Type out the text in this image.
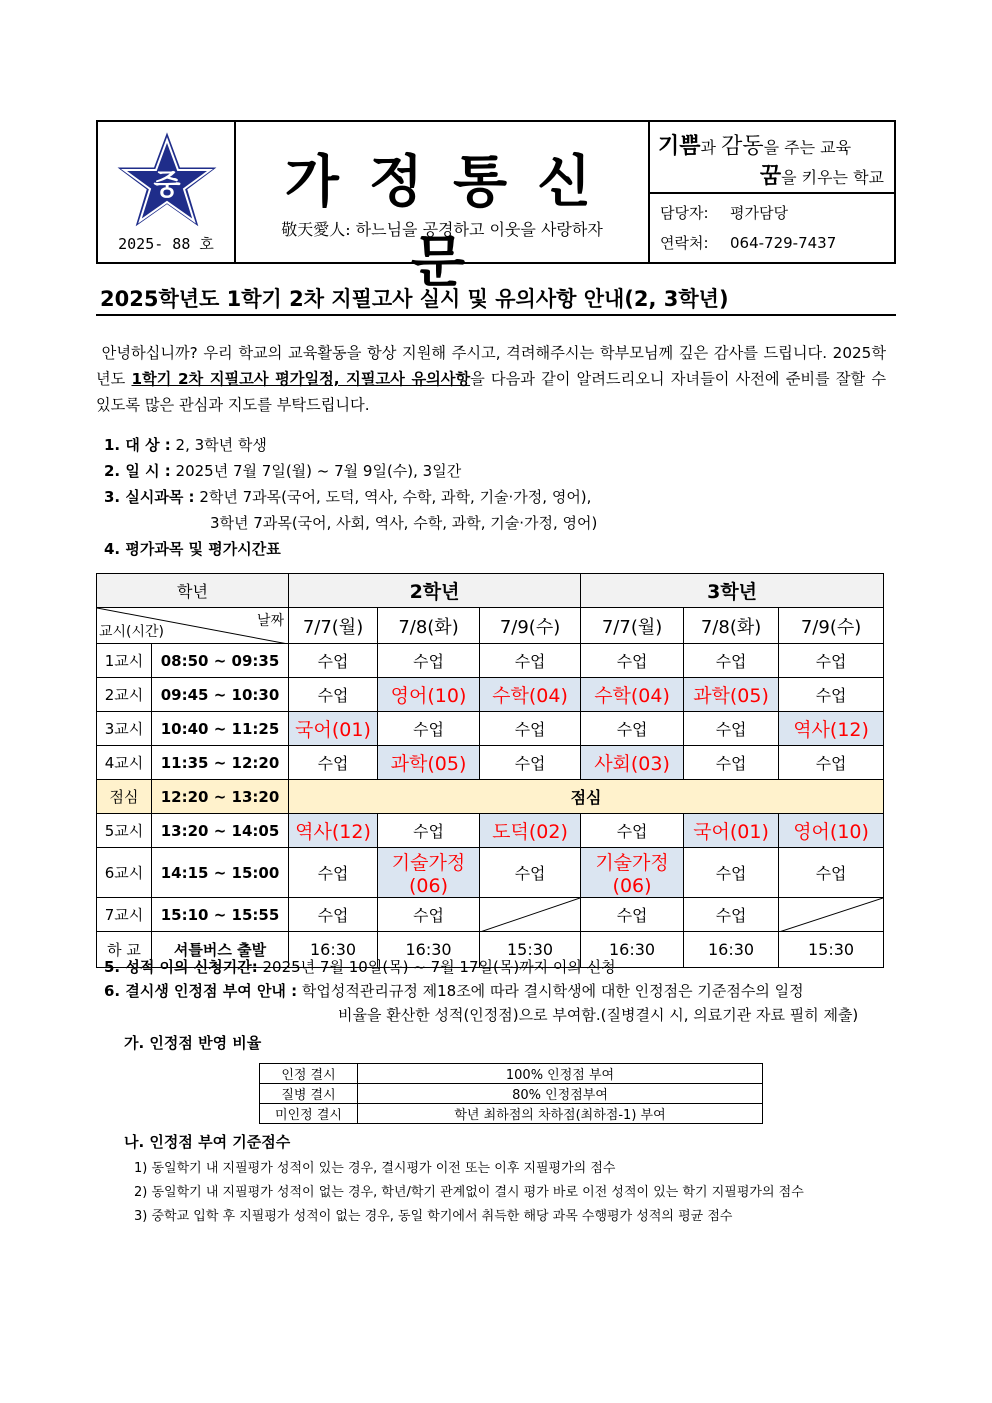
중
2025- 88 호
가정통신문
敬天愛人: 하느님을 공경하고 이웃을 사랑하자
기쁨과 감동을 주는 교육
꿈을 키우는 학교
담당자:	평가담당
연락처:	064-729-7437
2025학년도 1학기 2차 지필고사 실시 및 유의사항 안내(2, 3학년)
안녕하십니까? 우리 학교의 교육활동을 항상 지원해 주시고, 격려해주시는 학부모님께 깊은 감사를 드립니다. 2025학년도 1학기 2차 지필고사 평가일정, 지필고사 유의사항을 다음과 같이 알려드리오니 자녀들이 사전에 준비를 잘할 수 있도록 많은 관심과 지도를 부탁드립니다.
1. 대 상 : 2, 3학년 학생
2. 일 시 : 2025년 7월 7일(월) ~ 7월 9일(수), 3일간
3. 실시과목 : 2학년 7과목(국어, 도덕, 역사, 수학, 과학, 기술·가정, 영어),
3학년 7과목(국어, 사회, 역사, 수학, 과학, 기술·가정, 영어)
4. 평가과목 및 평가시간표
학년		2학년			3학년		

날짜
교시(시간)		7/7(월)	7/8(화)	7/9(수)	7/7(월)	7/8(화)	7/9(수)
1교시	08:50 ~ 09:35	수업	수업	수업	수업	수업	수업
2교시	09:45 ~ 10:30	수업	영어(10)	수학(04)	수학(04)	과학(05)	수업
3교시	10:40 ~ 11:25	국어(01)	수업	수업	수업	수업	역사(12)
4교시	11:35 ~ 12:20	수업	과학(05)	수업	사회(03)	수업	수업
점심	12:20 ~ 13:20	점심					
5교시	13:20 ~ 14:05	역사(12)	수업	도덕(02)	수업	국어(01)	영어(10)
6교시	14:15 ~ 15:00	수업	기술가정(06)	수업	기술가정(06)	수업	수업
7교시	15:10 ~ 15:55	수업	수업		수업	수업	

하 교	셔틀버스 출발	16:30	16:30	15:30	16:30	16:30	15:30
5. 성적 이의 신청기간: 2025년 7월 10일(목) ~ 7월 17일(목)까지 이의 신청
6. 결시생 인정점 부여 안내 : 학업성적관리규정 제18조에 따라 결시학생에 대한 인정점은 기준점수의 일정
비율을 환산한 성적(인정점)으로 부여함.(질병결시 시, 의료기관 자료 필히 제출)
가. 인정점 반영 비율
인정 결시	100% 인정점 부여
질병 결시	80% 인정점부여
미인정 결시	학년 최하점의 차하점(최하점-1) 부여
나. 인정점 부여 기준점수
1) 동일학기 내 지필평가 성적이 있는 경우, 결시평가 이전 또는 이후 지필평가의 점수
2) 동일학기 내 지필평가 성적이 없는 경우, 학년/학기 관계없이 결시 평가 바로 이전 성적이 있는 학기 지필평가의 점수
3) 중학교 입학 후 지필평가 성적이 없는 경우, 동일 학기에서 취득한 해당 과목 수행평가 성적의 평균 점수
